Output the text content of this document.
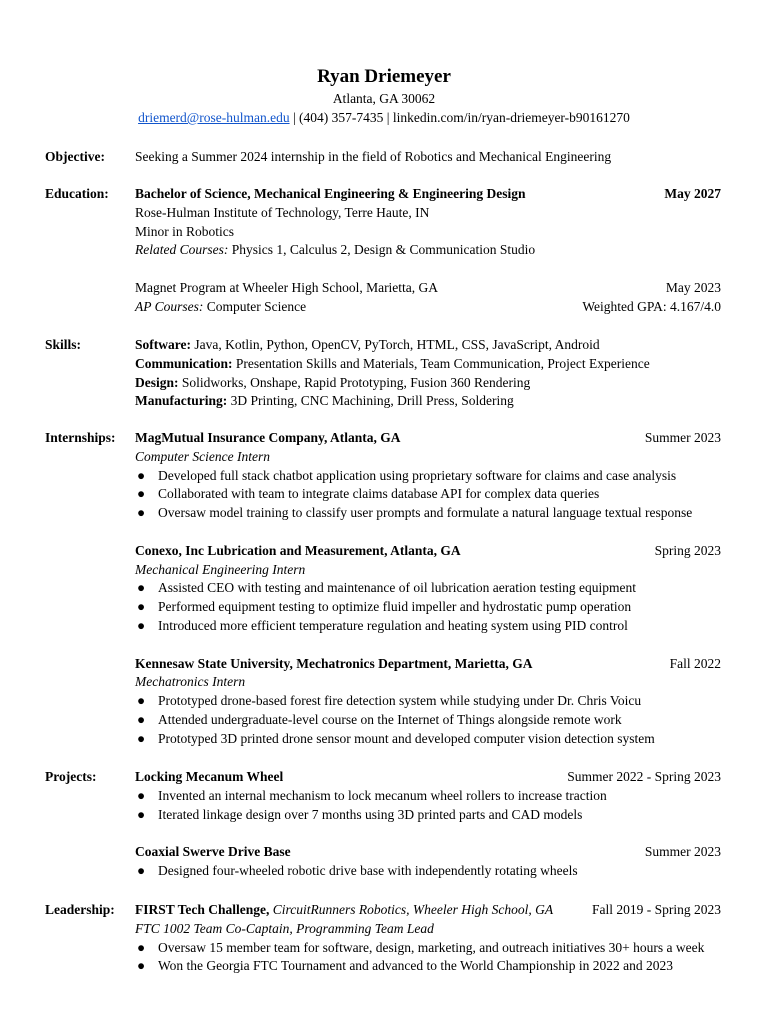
Ryan Driemeyer
Atlanta, GA 30062
driemerd@rose-hulman.edu | (404) 357-7435 | linkedin.com/in/ryan-driemeyer-b90161270
Objective: Seeking a Summer 2024 internship in the field of Robotics and Mechanical Engineering
Education: Bachelor of Science, Mechanical Engineering & Engineering Design	May 2027
Rose-Hulman Institute of Technology, Terre Haute, IN
Minor in Robotics
Related Courses: Physics 1, Calculus 2, Design & Communication Studio
Magnet Program at Wheeler High School, Marietta, GA	May 2023
AP Courses: Computer Science	Weighted GPA: 4.167/4.0
Skills:	Software: Java, Kotlin, Python, OpenCV, PyTorch, HTML, CSS, JavaScript, Android
Communication: Presentation Skills and Materials, Team Communication, Project Experience
Design: Solidworks, Onshape, Rapid Prototyping, Fusion 360 Rendering
Manufacturing: 3D Printing, CNC Machining, Drill Press, Soldering
Internships: MagMutual Insurance Company, Atlanta, GA	Summer 2023
Computer Science Intern
● Developed full stack chatbot application using proprietary software for claims and case analysis
● Collaborated with team to integrate claims database API for complex data queries
● Oversaw model training to classify user prompts and formulate a natural language textual response
Conexo, Inc Lubrication and Measurement, Atlanta, GA	Spring 2023
Mechanical Engineering Intern
● Assisted CEO with testing and maintenance of oil lubrication aeration testing equipment
● Performed equipment testing to optimize fluid impeller and hydrostatic pump operation
● Introduced more efficient temperature regulation and heating system using PID control
Kennesaw State University, Mechatronics Department, Marietta, GA	Fall 2022
Mechatronics Intern
● Prototyped drone-based forest fire detection system while studying under Dr. Chris Voicu
● Attended undergraduate-level course on the Internet of Things alongside remote work
● Prototyped 3D printed drone sensor mount and developed computer vision detection system
Projects:	Locking Mecanum Wheel	Summer 2022 - Spring 2023
● Invented an internal mechanism to lock mecanum wheel rollers to increase traction
● Iterated linkage design over 7 months using 3D printed parts and CAD models
Coaxial Swerve Drive Base	Summer 2023
● Designed four-wheeled robotic drive base with independently rotating wheels
Leadership: FIRST Tech Challenge, CircuitRunners Robotics, Wheeler High School, GA	Fall 2019 - Spring 2023
FTC 1002 Team Co-Captain, Programming Team Lead
● Oversaw 15 member team for software, design, marketing, and outreach initiatives 30+ hours a week
● Won the Georgia FTC Tournament and advanced to the World Championship in 2022 and 2023
